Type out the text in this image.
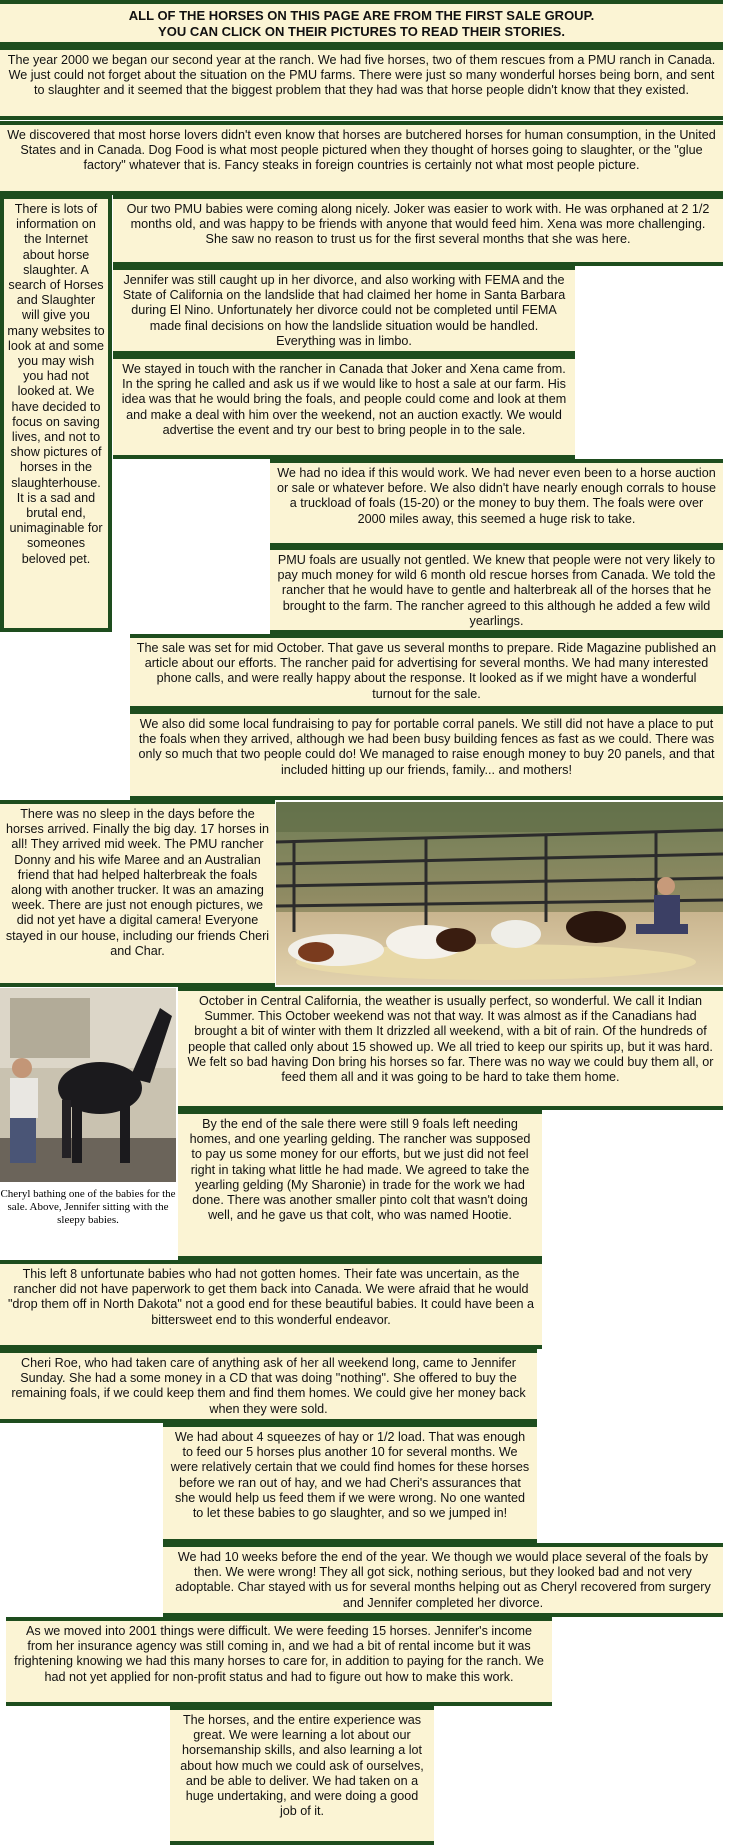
ALL OF THE HORSES ON THIS PAGE ARE FROM THE FIRST SALE GROUP.
YOU CAN CLICK ON THEIR PICTURES TO READ THEIR STORIES.
The year 2000 we began our second year at the ranch. We had five horses, two of them rescues from a PMU ranch in Canada. We just could not forget about the situation on the PMU farms. There were just so many wonderful horses being born, and sent to slaughter and it seemed that the biggest problem that they had was that horse people didn't know that they existed.
We discovered that most horse lovers didn't even know that horses are butchered horses for human consumption, in the United States and in Canada. Dog Food is what most people pictured when they thought of horses going to slaughter, or the "glue factory" whatever that is. Fancy steaks in foreign countries is certainly not what most people picture.
There is lots of information on the Internet about horse slaughter. A search of Horses and Slaughter will give you many websites to look at and some you may wish you had not looked at. We have decided to focus on saving lives, and not to show pictures of horses in the slaughterhouse. It is a sad and brutal end, unimaginable for someones beloved pet.
Our two PMU babies were coming along nicely. Joker was easier to work with. He was orphaned at 2 1/2 months old, and was happy to be friends with anyone that would feed him. Xena was more challenging. She saw no reason to trust us for the first several months that she was here.
Jennifer was still caught up in her divorce, and also working with FEMA and the State of California on the landslide that had claimed her home in Santa Barbara during El Nino. Unfortunately her divorce could not be completed until FEMA made final decisions on how the landslide situation would be handled. Everything was in limbo.
We stayed in touch with the rancher in Canada that Joker and Xena came from. In the spring he called and ask us if we would like to host a sale at our farm. His idea was that he would bring the foals, and people could come and look at them and make a deal with him over the weekend, not an auction exactly. We would advertise the event and try our best to bring people in to the sale.
We had no idea if this would work. We had never even been to a horse auction or sale or whatever before. We also didn't have nearly enough corrals to house a truckload of foals (15-20) or the money to buy them. The foals were over 2000 miles away, this seemed a huge risk to take.
PMU foals are usually not gentled. We knew that people were not very likely to pay much money for wild 6 month old rescue horses from Canada. We told the rancher that he would have to gentle and halterbreak all of the horses that he brought to the farm. The rancher agreed to this although he added a few wild yearlings.
The sale was set for mid October. That gave us several months to prepare. Ride Magazine published an article about our efforts. The rancher paid for advertising for several months. We had many interested phone calls, and were really happy about the response. It looked as if we might have a wonderful turnout for the sale.
We also did some local fundraising to pay for portable corral panels. We still did not have a place to put the foals when they arrived, although we had been busy building fences as fast as we could. There was only so much that two people could do! We managed to raise enough money to buy 20 panels, and that included hitting up our friends, family... and mothers!
There was no sleep in the days before the horses arrived. Finally the big day. 17 horses in all! They arrived mid week. The PMU rancher Donny and his wife Maree and an Australian friend that had helped halterbreak the foals along with another trucker. It was an amazing week. There are just not enough pictures, we did not yet have a digital camera! Everyone stayed in our house, including our friends Cheri and Char.
Cheryl bathing one of the babies for the sale. Above, Jennifer sitting with the sleepy babies.
October in Central California, the weather is usually perfect, so wonderful. We call it Indian Summer. This October weekend was not that way. It was almost as if the Canadians had brought a bit of winter with them It drizzled all weekend, with a bit of rain. Of the hundreds of people that called only about 15 showed up. We all tried to keep our spirits up, but it was hard. We felt so bad having Don bring his horses so far. There was no way we could buy them all, or feed them all and it was going to be hard to take them home.
By the end of the sale there were still 9 foals left needing homes, and one yearling gelding. The rancher was supposed to pay us some money for our efforts, but we just did not feel right in taking what little he had made. We agreed to take the yearling gelding (My Sharonie) in trade for the work we had done. There was another smaller pinto colt that wasn't doing well, and he gave us that colt, who was named Hootie.
This left 8 unfortunate babies who had not gotten homes. Their fate was uncertain, as the rancher did not have paperwork to get them back into Canada. We were afraid that he would "drop them off in North Dakota" not a good end for these beautiful babies. It could have been a bittersweet end to this wonderful endeavor.
Cheri Roe, who had taken care of anything ask of her all weekend long, came to Jennifer Sunday. She had a some money in a CD that was doing "nothing". She offered to buy the remaining foals, if we could keep them and find them homes. We could give her money back when they were sold.
We had about 4 squeezes of hay or 1/2 load. That was enough to feed our 5 horses plus another 10 for several months. We were relatively certain that we could find homes for these horses before we ran out of hay, and we had Cheri's assurances that she would help us feed them if we were wrong. No one wanted to let these babies to go slaughter, and so we jumped in!
We had 10 weeks before the end of the year. We though we would place several of the foals by then. We were wrong! They all got sick, nothing serious, but they looked bad and not very adoptable. Char stayed with us for several months helping out as Cheryl recovered from surgery and Jennifer completed her divorce.
As we moved into 2001 things were difficult. We were feeding 15 horses. Jennifer's income from her insurance agency was still coming in, and we had a bit of rental income but it was frightening knowing we had this many horses to care for, in addition to paying for the ranch. We had not yet applied for non-profit status and had to figure out how to make this work.
The horses, and the entire experience was great. We were learning a lot about our horsemanship skills, and also learning a lot about how much we could ask of ourselves, and be able to deliver. We had taken on a huge undertaking, and were doing a good job of it.
